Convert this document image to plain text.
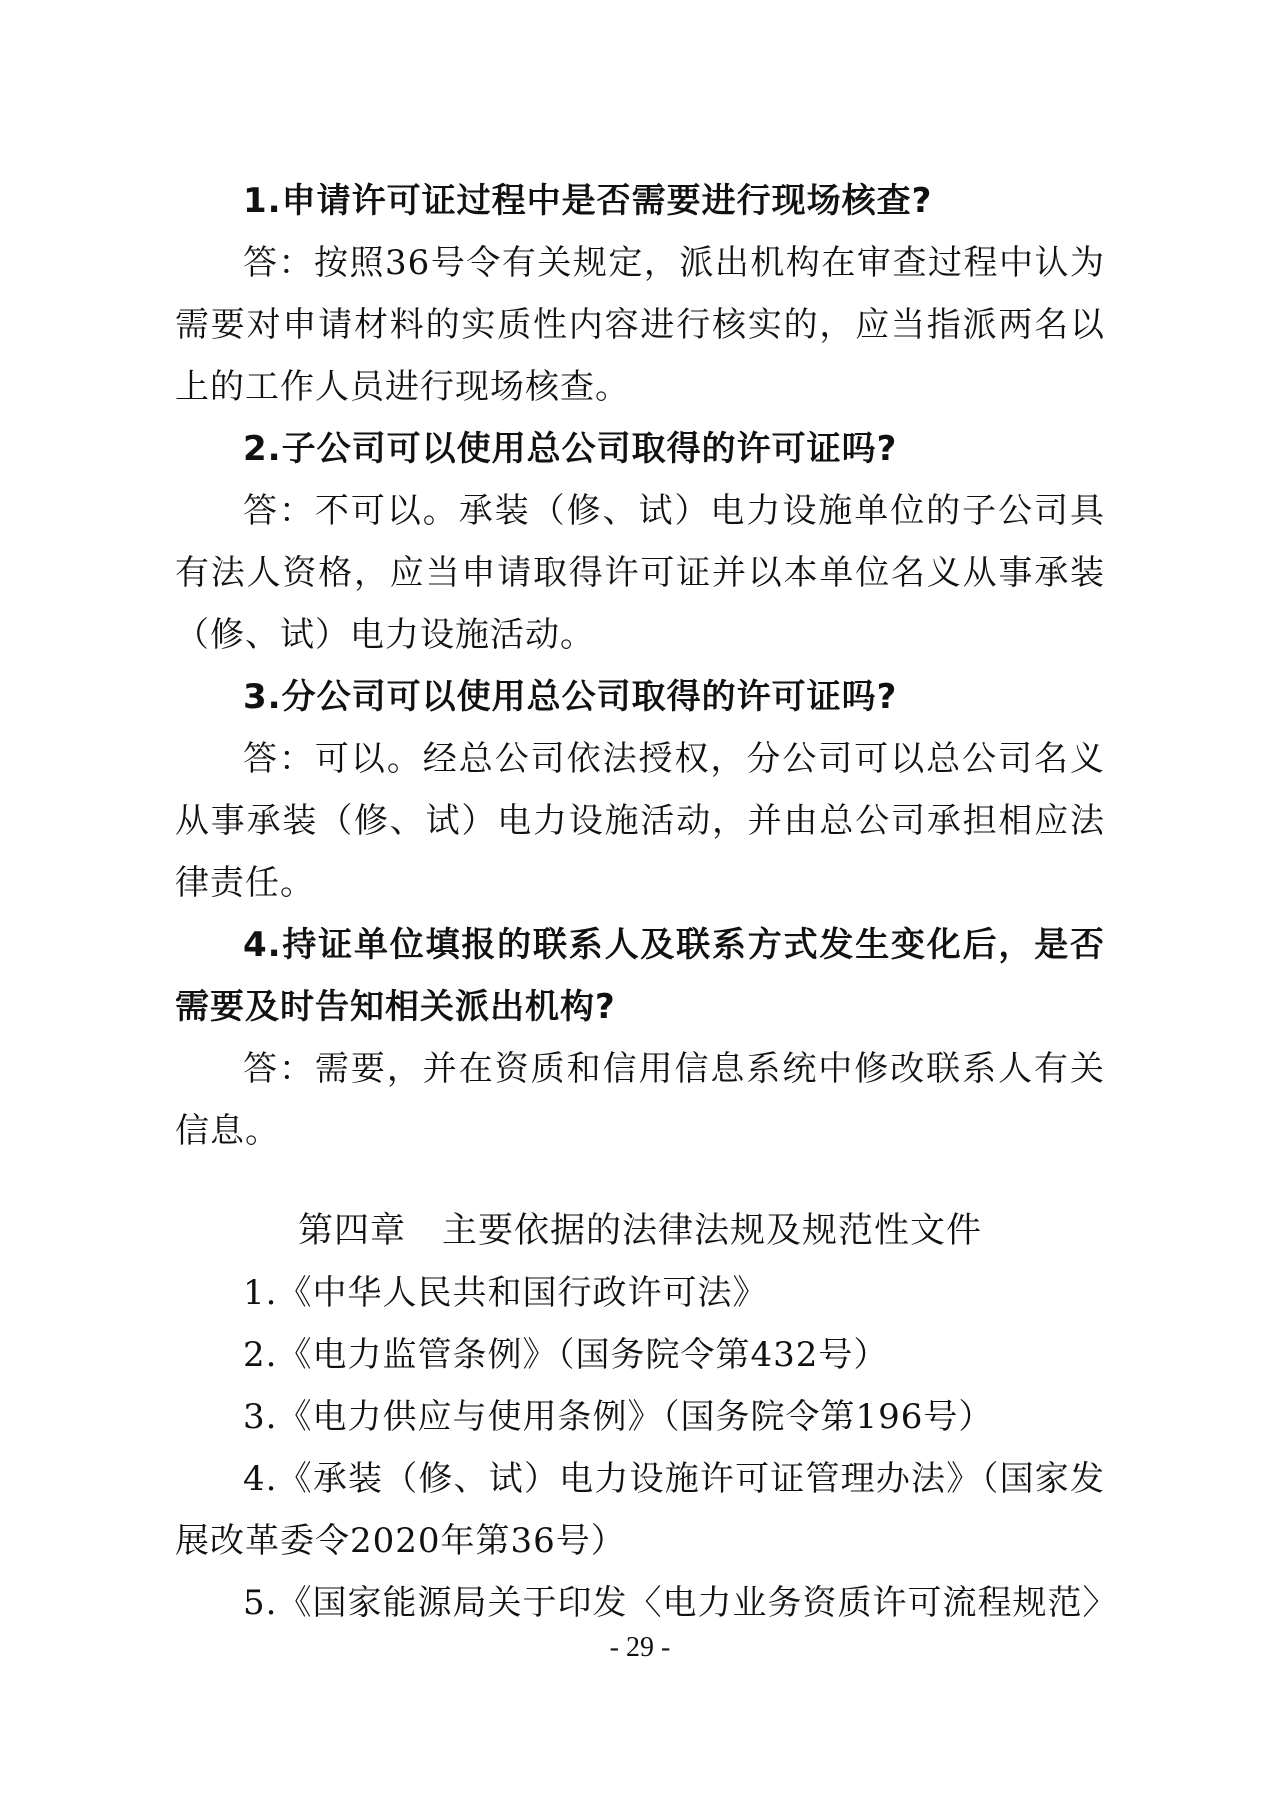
1.申请许可证过程中是否需要进行现场核查?

答：按照36号令有关规定，派出机构在审查过程中认为需要对申请材料的实质性内容进行核实的，应当指派两名以上的工作人员进行现场核查。

2.子公司可以使用总公司取得的许可证吗?

答：不可以。承装（修、试）电力设施单位的子公司具有法人资格，应当申请取得许可证并以本单位名义从事承装（修、试）电力设施活动。

3.分公司可以使用总公司取得的许可证吗?

答：可以。经总公司依法授权，分公司可以总公司名义从事承装（修、试）电力设施活动，并由总公司承担相应法律责任。

4.持证单位填报的联系人及联系方式发生变化后，是否需要及时告知相关派出机构?

答：需要，并在资质和信用信息系统中修改联系人有关信息。

第四章　主要依据的法律法规及规范性文件
1.《中华人民共和国行政许可法》
2.《电力监管条例》（国务院令第432号）
3.《电力供应与使用条例》（国务院令第196号）
4.《承装（修、试）电力设施许可证管理办法》（国家发展改革委令2020年第36号）
5.《国家能源局关于印发〈电力业务资质许可流程规范〉
- 29 -
